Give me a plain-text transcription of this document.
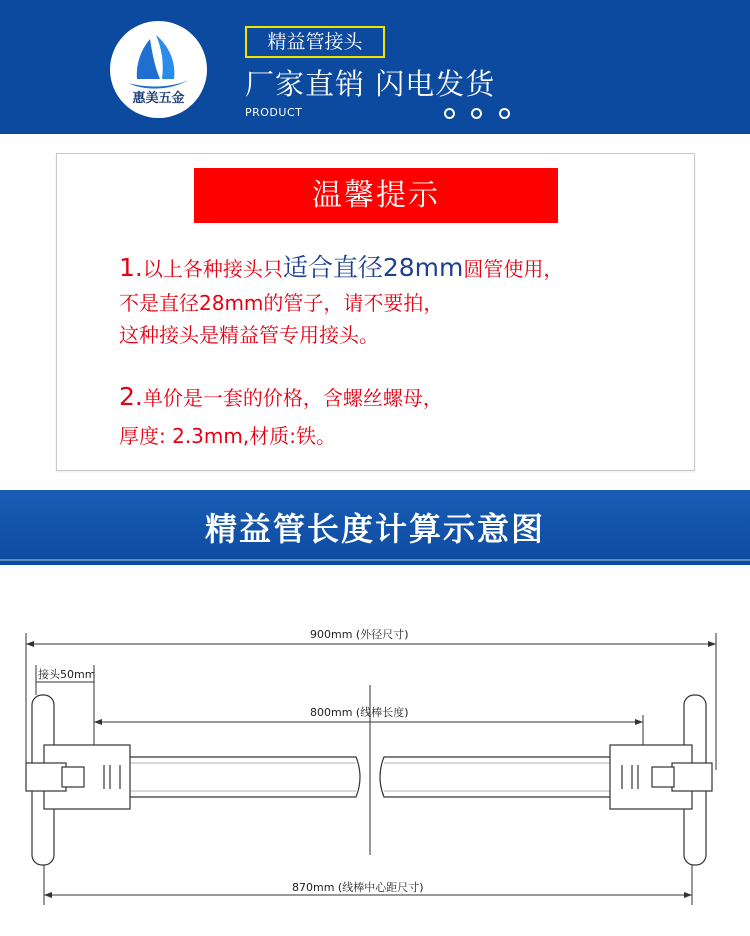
惠美五金
精益管接头
厂家直销 闪电发货
PRODUCT
温馨提示
1.以上各种接头只适合直径28mm圆管使用，
不是直径28mm的管子，请不要拍，
这种接头是精益管专用接头。
2.单价是一套的价格，含螺丝螺母，
厚度: 2.3mm,材质:铁。
精益管长度计算示意图
900mm (外径尺寸)
接头50mm
800mm (线棒长度)
870mm (线棒中心距尺寸)
